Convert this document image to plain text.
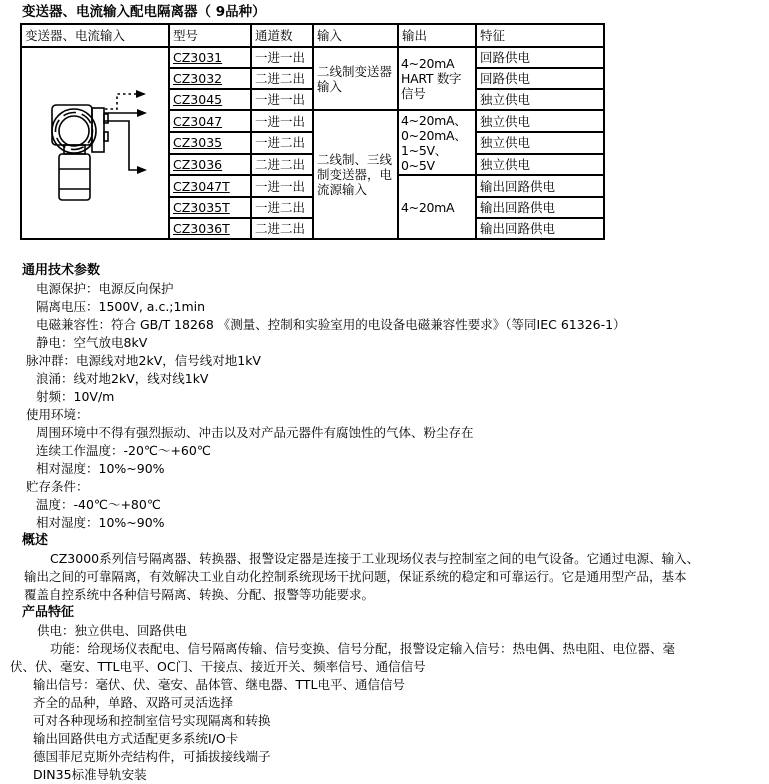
变送器、电流输入配电隔离器（ 9品种）
变送器、电流输入	型号	通道数	输入	输出	特征
	CZ3031	一进一出	二线制变送器输入	4~20mA HART 数字信号	回路供电
	CZ3032	二进二出			回路供电
	CZ3045	一进一出			独立供电
	CZ3047	一进一出	二线制、三线制变送器，电流源输入	4~20mA、0~20mA、1~5V、0~5V	独立供电
	CZ3035	一进二出			独立供电
	CZ3036	二进二出			独立供电
	CZ3047T	一进一出		4~20mA	输出回路供电
	CZ3035T	一进二出			输出回路供电
	CZ3036T	二进二出			输出回路供电
通用技术参数
电源保护：电源反向保护
隔离电压：1500V, a.c.;1min
电磁兼容性：符合 GB/T 18268 《测量、控制和实验室用的电设备电磁兼容性要求》（等同IEC 61326-1）
静电：空气放电8kV
脉冲群：电源线对地2kV，信号线对地1kV
浪涌：线对地2kV，线对线1kV
射频：10V/m
使用环境：
周围环境中不得有强烈振动、冲击以及对产品元器件有腐蚀性的气体、粉尘存在
连续工作温度：-20℃～+60℃
相对湿度：10%~90%
贮存条件：
温度：-40℃～+80℃
相对湿度：10%~90%
概述
CZ3000系列信号隔离器、转换器、报警设定器是连接于工业现场仪表与控制室之间的电气设备。它通过电源、输入、
输出之间的可靠隔离，有效解决工业自动化控制系统现场干扰问题，保证系统的稳定和可靠运行。它是通用型产品，基本
覆盖自控系统中各种信号隔离、转换、分配、报警等功能要求。
产品特征
供电：独立供电、回路供电
功能：给现场仪表配电、信号隔离传输、信号变换、信号分配，报警设定输入信号：热电偶、热电阻、电位器、毫
伏、伏、毫安、TTL电平、OC门、干接点、接近开关、频率信号、通信信号
输出信号：毫伏、伏、毫安、晶体管、继电器、TTL电平、通信信号
齐全的品种，单路、双路可灵活选择
可对各种现场和控制室信号实现隔离和转换
输出回路供电方式适配更多系统I/O卡
德国菲尼克斯外壳结构件，可插拔接线端子
DIN35标准导轨安装
